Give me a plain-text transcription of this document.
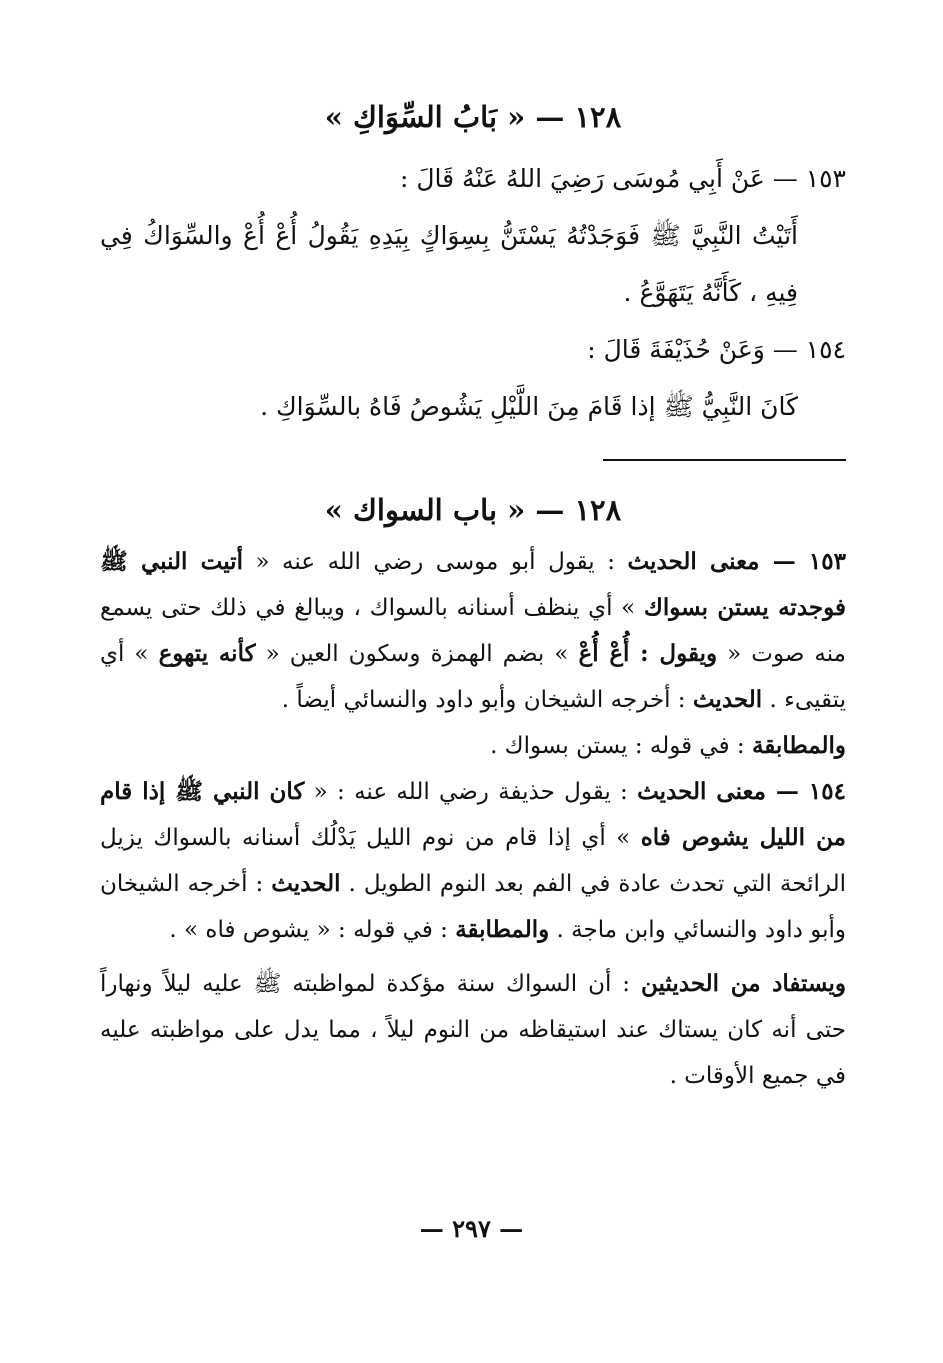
١٢٨ — « بَابُ السِّوَاكِ »

١٥٣ — عَنْ أَبِي مُوسَى رَضِيَ اللهُ عَنْهُ قَالَ :

أَتَيْتُ النَّبِيَّ ﷺ فَوَجَدْتُهُ يَسْتَنُّ بِسِوَاكٍ بِيَدِهِ يَقُولُ أُعْ أُعْ والسِّوَاكُ فِي فِيهِ ، كَأَنَّهُ يَتَهَوَّعُ .

١٥٤ — وَعَنْ حُذَيْفَةَ قَالَ :

كَانَ النَّبِيُّ ﷺ إذا قَامَ مِنَ اللَّيْلِ يَشُوصُ فَاهُ بالسِّوَاكِ .

١٢٨ — « باب السواك »

١٥٣ — معنى الحديث : يقول أبو موسى رضي الله عنه « أتيت النبي ﷺ فوجدته يستن بسواك » أي ينظف أسنانه بالسواك ، ويبالغ في ذلك حتى يسمع منه صوت « ويقول : أُعْ أُعْ » بضم الهمزة وسكون العين « كأنه يتهوع » أي يتقيىء . الحديث : أخرجه الشيخان وأبو داود والنسائي أيضاً .
والمطابقة : في قوله : يستن بسواك .

١٥٤ — معنى الحديث : يقول حذيفة رضي الله عنه : « كان النبي ﷺ إذا قام من الليل يشوص فاه » أي إذا قام من نوم الليل يَدْلُك أسنانه بالسواك يزيل الرائحة التي تحدث عادة في الفم بعد النوم الطويل . الحديث : أخرجه الشيخان وأبو داود والنسائي وابن ماجة . والمطابقة : في قوله : « يشوص فاه » .

ويستفاد من الحديثين : أن السواك سنة مؤكدة لمواظبته ﷺ عليه ليلاً ونهاراً حتى أنه كان يستاك عند استيقاظه من النوم ليلاً ، مما يدل على مواظبته عليه في جميع الأوقات .

— ٢٩٧ —
